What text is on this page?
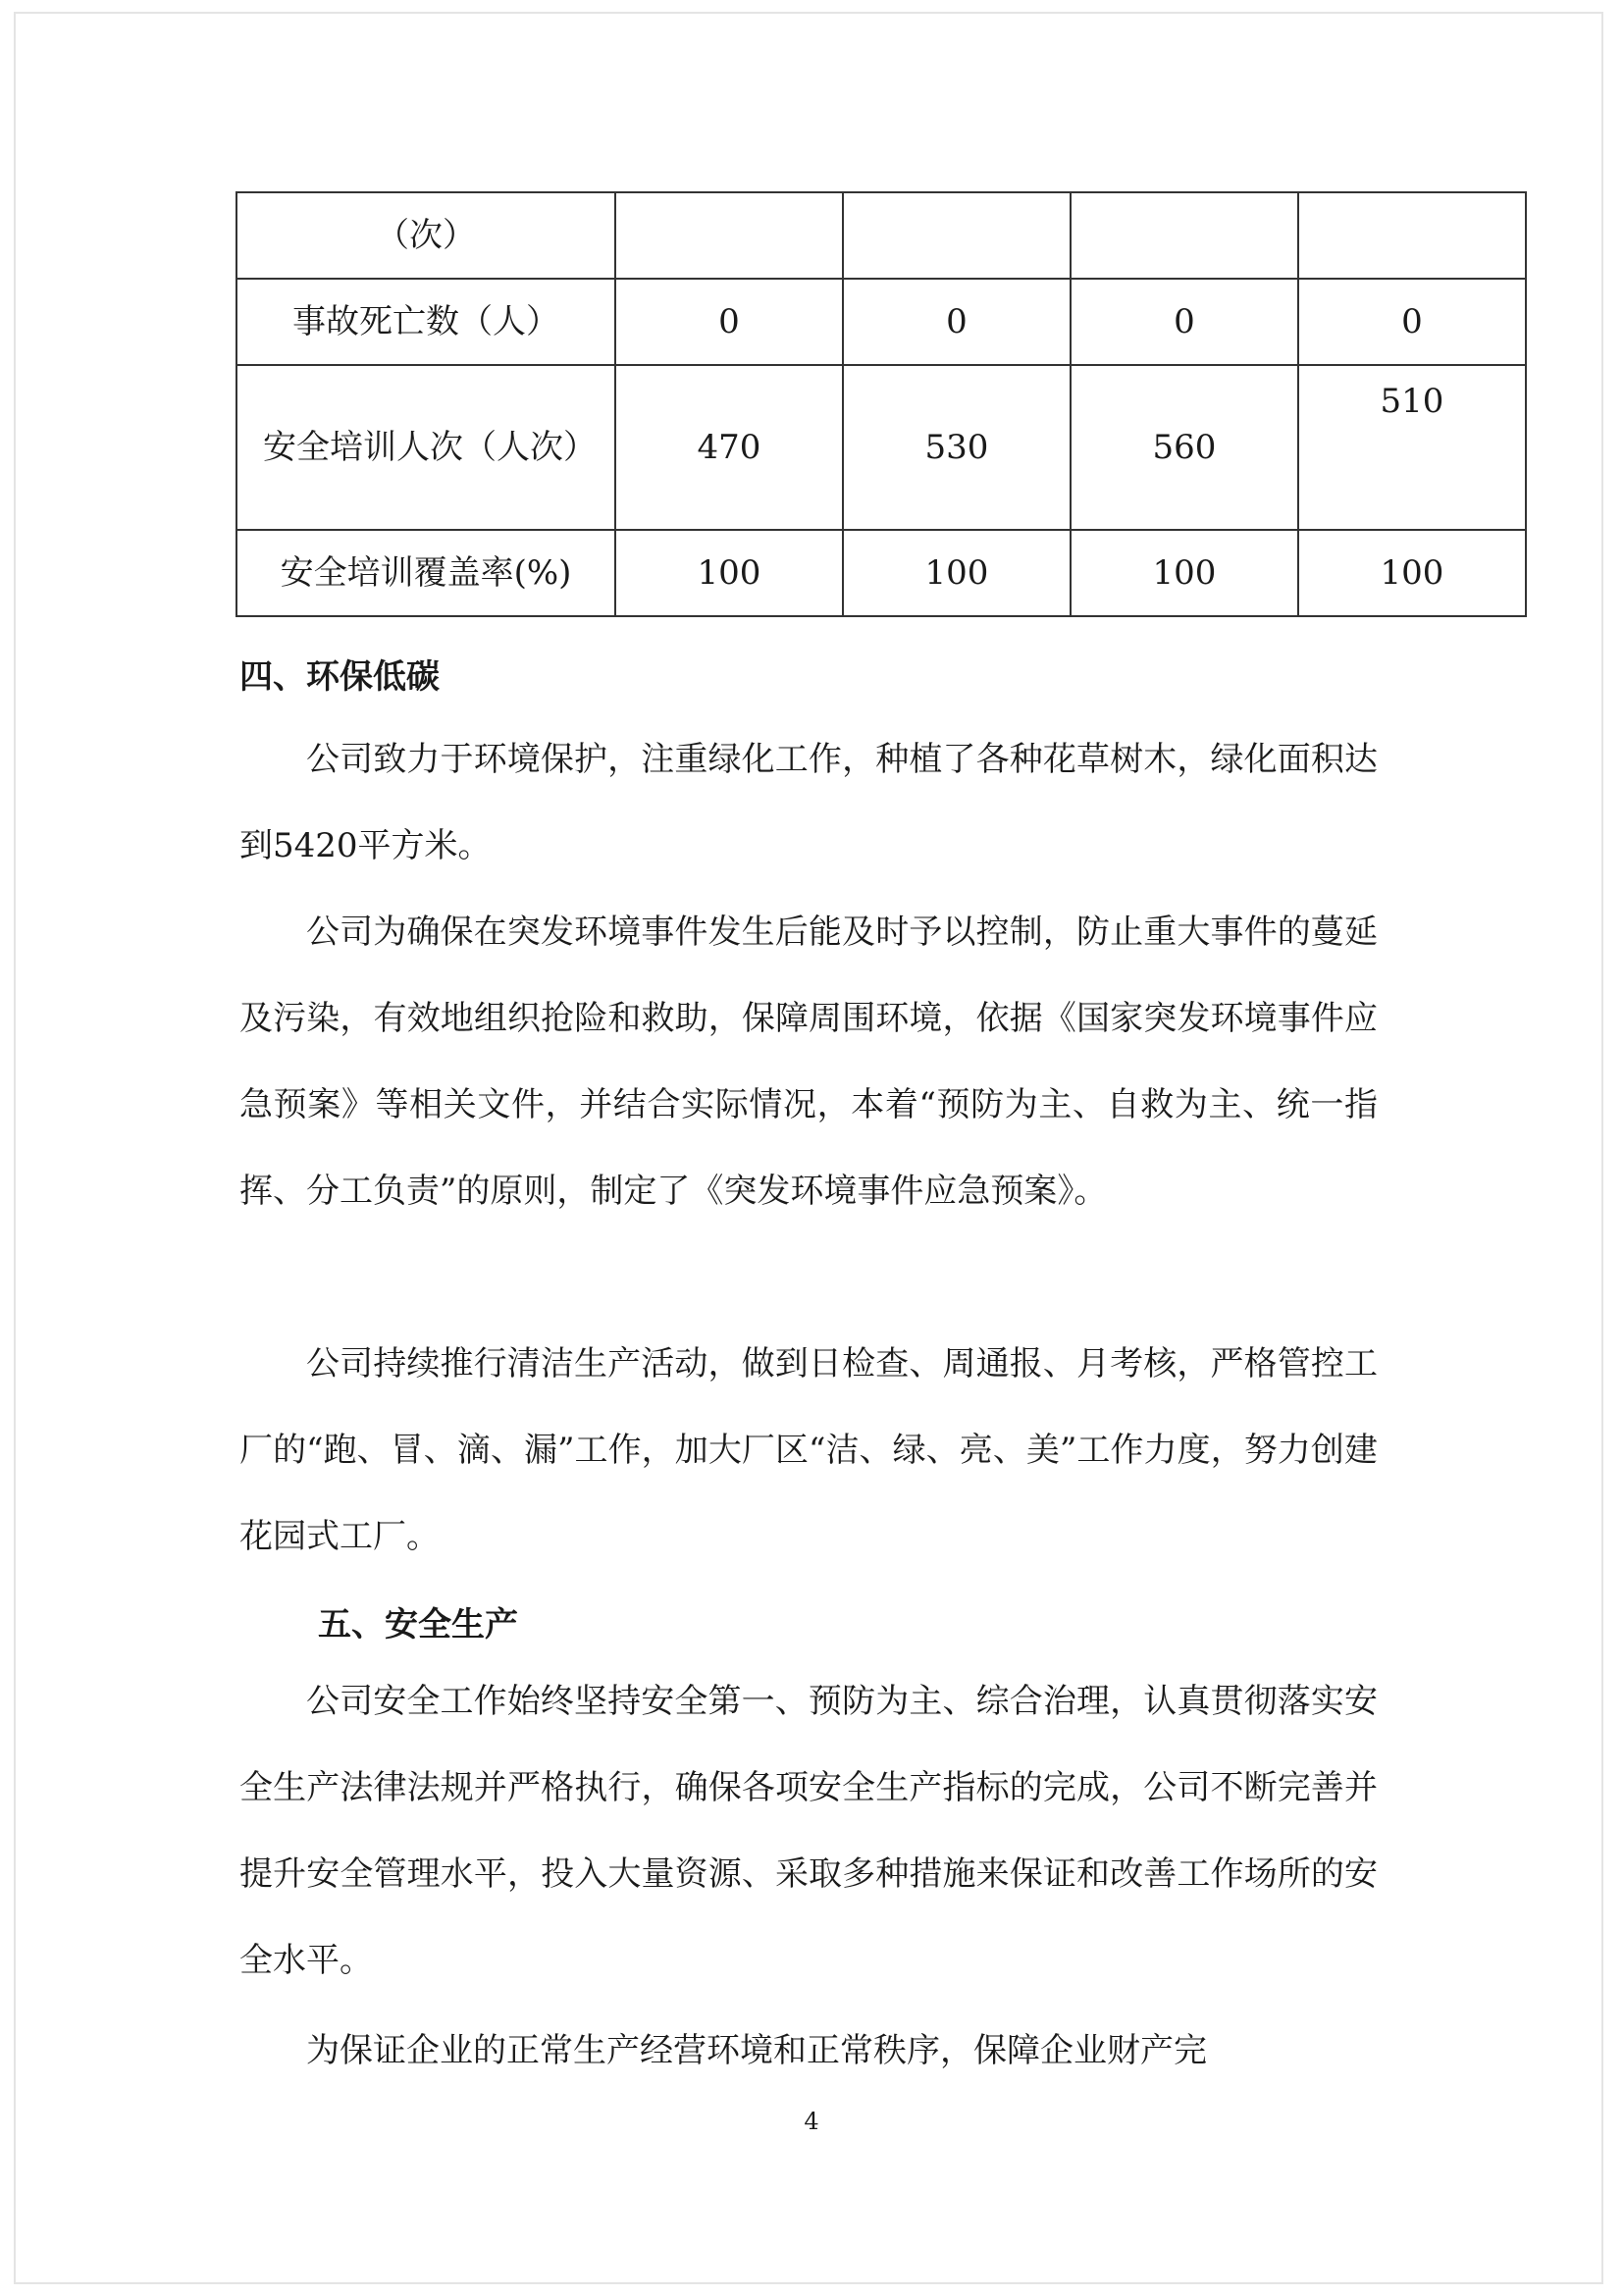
（次）				
事故死亡数（人）	0	0	0	0
安全培训人次（人次）	470	530	560	510
安全培训覆盖率(%)	100	100	100	100
四、环保低碳

公司致力于环境保护，注重绿化工作，种植了各种花草树木，绿化面积达到5420平方米。

公司为确保在突发环境事件发生后能及时予以控制，防止重大事件的蔓延及污染，有效地组织抢险和救助，保障周围环境，依据《国家突发环境事件应急预案》等相关文件，并结合实际情况，本着“预防为主、自救为主、统一指挥、分工负责”的原则，制定了《突发环境事件应急预案》。

公司持续推行清洁生产活动，做到日检查、周通报、月考核，严格管控工厂的“跑、冒、滴、漏”工作，加大厂区“洁、绿、亮、美”工作力度，努力创建花园式工厂。

五、安全生产

公司安全工作始终坚持安全第一、预防为主、综合治理，认真贯彻落实安全生产法律法规并严格执行，确保各项安全生产指标的完成，公司不断完善并提升安全管理水平，投入大量资源、采取多种措施来保证和改善工作场所的安全水平。

为保证企业的正常生产经营环境和正常秩序，保障企业财产完

4
